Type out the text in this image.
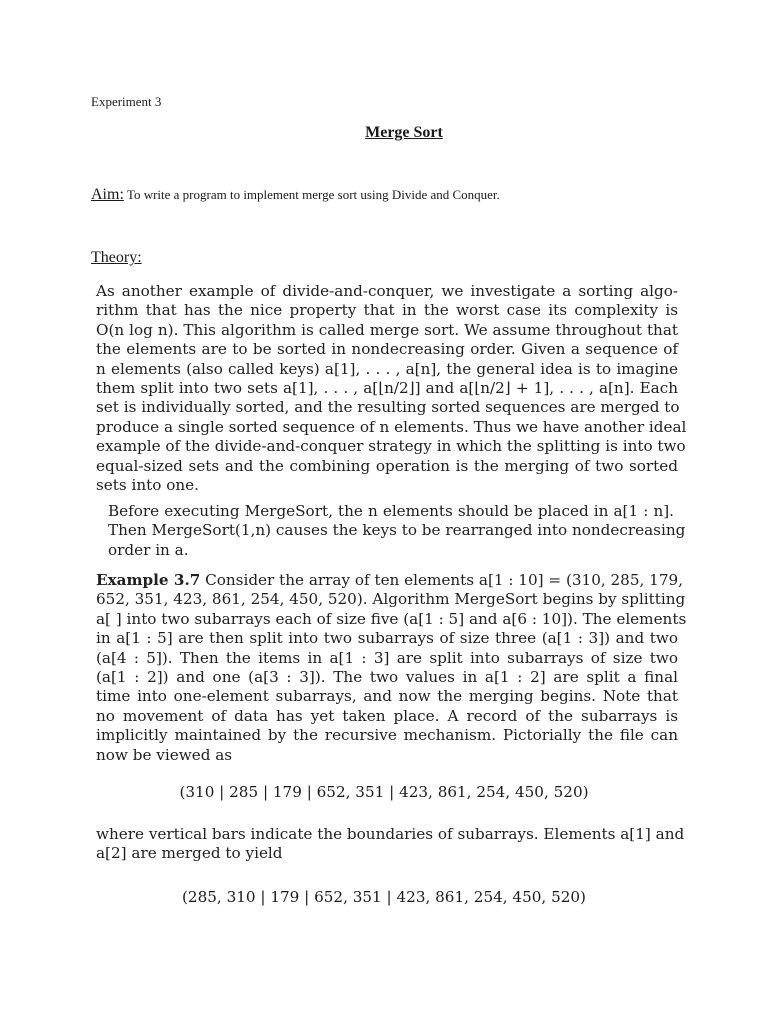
Experiment 3
Merge Sort
Aim: To write a program to implement merge sort using Divide and Conquer.
Theory:
As another example of divide-and-conquer, we investigate a sorting algo-
rithm that has the nice property that in the worst case its complexity is
O(n log n). This algorithm is called merge sort. We assume throughout that
the elements are to be sorted in nondecreasing order. Given a sequence of
n elements (also called keys) a[1], . . . , a[n], the general idea is to imagine
them split into two sets a[1], . . . , a[⌊n/2⌋] and a[⌊n/2⌋ + 1], . . . , a[n]. Each
set is individually sorted, and the resulting sorted sequences are merged to
produce a single sorted sequence of n elements. Thus we have another ideal
example of the divide-and-conquer strategy in which the splitting is into two
equal-sized sets and the combining operation is the merging of two sorted
sets into one.
Before executing MergeSort, the n elements should be placed in a[1 : n].
Then MergeSort(1,n) causes the keys to be rearranged into nondecreasing
order in a.
Example 3.7 Consider the array of ten elements a[1 : 10] = (310, 285, 179,
652, 351, 423, 861, 254, 450, 520). Algorithm MergeSort begins by splitting
a[ ] into two subarrays each of size five (a[1 : 5] and a[6 : 10]). The elements
in a[1 : 5] are then split into two subarrays of size three (a[1 : 3]) and two
(a[4 : 5]). Then the items in a[1 : 3] are split into subarrays of size two
(a[1 : 2]) and one (a[3 : 3]). The two values in a[1 : 2] are split a final
time into one-element subarrays, and now the merging begins. Note that
no movement of data has yet taken place. A record of the subarrays is
implicitly maintained by the recursive mechanism. Pictorially the file can
now be viewed as
(310 | 285 | 179 | 652, 351 | 423, 861, 254, 450, 520)
where vertical bars indicate the boundaries of subarrays. Elements a[1] and
a[2] are merged to yield
(285, 310 | 179 | 652, 351 | 423, 861, 254, 450, 520)
